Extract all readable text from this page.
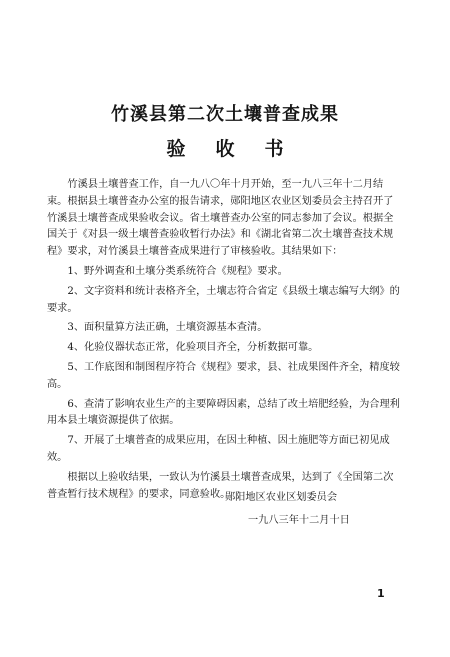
竹溪县第二次土壤普查成果
验收书

竹溪县土壤普查工作，自一九八〇年十月开始，至一九八三年十二月结束。根据县土壤普查办公室的报告请求，郧阳地区农业区划委员会主持召开了竹溪县土壤普查成果验收会议。省土壤普查办公室的同志参加了会议。根据全国关于《对县一级土壤普查验收暂行办法》和《湖北省第二次土壤普查技术规程》要求，对竹溪县土壤普查成果进行了审核验收。其结果如下：

1、野外调查和土壤分类系统符合《规程》要求。

2、文字资料和统计表格齐全，土壤志符合省定《县级土壤志编写大纲》的要求。

3、面积量算方法正确，土壤资源基本查清。

4、化验仪器状态正常，化验项目齐全，分析数据可靠。

5、工作底图和制图程序符合《规程》要求，县、社成果图件齐全，精度较高。

6、查清了影响农业生产的主要障碍因素，总结了改土培肥经验，为合理利用本县土壤资源提供了依据。

7、开展了土壤普查的成果应用，在因土种植、因土施肥等方面已初见成效。

根据以上验收结果，一致认为竹溪县土壤普查成果，达到了《全国第二次普查暂行技术规程》的要求，同意验收。

郧阳地区农业区划委员会
一九八三年十二月十日
1
